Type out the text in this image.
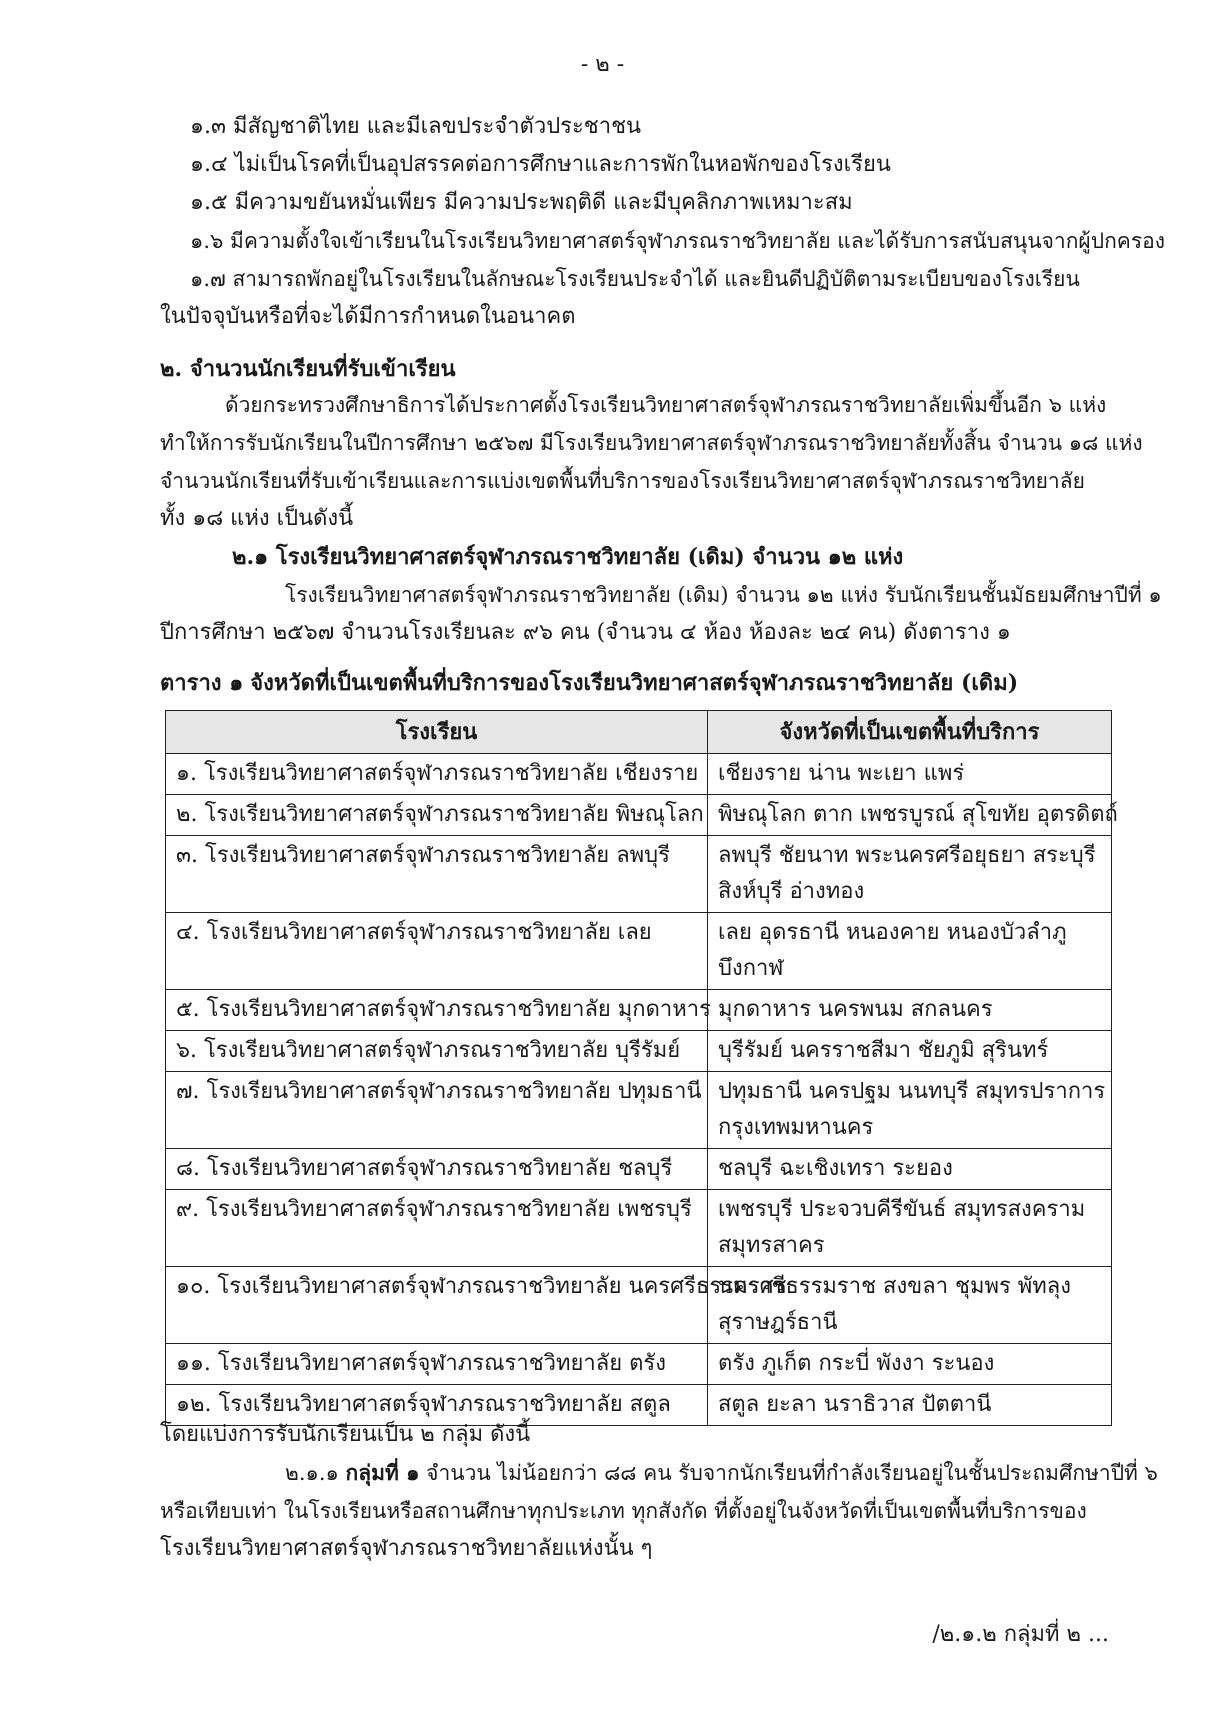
- ๒ -
๑.๓ มีสัญชาติไทย และมีเลขประจำตัวประชาชน
๑.๔ ไม่เป็นโรคที่เป็นอุปสรรคต่อการศึกษาและการพักในหอพักของโรงเรียน
๑.๕ มีความขยันหมั่นเพียร มีความประพฤติดี และมีบุคลิกภาพเหมาะสม
๑.๖ มีความตั้งใจเข้าเรียนในโรงเรียนวิทยาศาสตร์จุฬาภรณราชวิทยาลัย และได้รับการสนับสนุนจากผู้ปกครอง
๑.๗ สามารถพักอยู่ในโรงเรียนในลักษณะโรงเรียนประจำได้ และยินดีปฏิบัติตามระเบียบของโรงเรียน
ในปัจจุบันหรือที่จะได้มีการกำหนดในอนาคต
๒. จำนวนนักเรียนที่รับเข้าเรียน
ด้วยกระทรวงศึกษาธิการได้ประกาศตั้งโรงเรียนวิทยาศาสตร์จุฬาภรณราชวิทยาลัยเพิ่มขึ้นอีก ๖ แห่ง
ทำให้การรับนักเรียนในปีการศึกษา ๒๕๖๗ มีโรงเรียนวิทยาศาสตร์จุฬาภรณราชวิทยาลัยทั้งสิ้น จำนวน ๑๘ แห่ง
จำนวนนักเรียนที่รับเข้าเรียนและการแบ่งเขตพื้นที่บริการของโรงเรียนวิทยาศาสตร์จุฬาภรณราชวิทยาลัย
ทั้ง ๑๘ แห่ง เป็นดังนี้
๒.๑ โรงเรียนวิทยาศาสตร์จุฬาภรณราชวิทยาลัย (เดิม) จำนวน ๑๒ แห่ง
โรงเรียนวิทยาศาสตร์จุฬาภรณราชวิทยาลัย (เดิม) จำนวน ๑๒ แห่ง รับนักเรียนชั้นมัธยมศึกษาปีที่ ๑
ปีการศึกษา ๒๕๖๗ จำนวนโรงเรียนละ ๙๖ คน (จำนวน ๔ ห้อง ห้องละ ๒๔ คน) ดังตาราง ๑
ตาราง ๑ จังหวัดที่เป็นเขตพื้นที่บริการของโรงเรียนวิทยาศาสตร์จุฬาภรณราชวิทยาลัย (เดิม)
โรงเรียน	จังหวัดที่เป็นเขตพื้นที่บริการ
๑. โรงเรียนวิทยาศาสตร์จุฬาภรณราชวิทยาลัย เชียงราย	เชียงราย น่าน พะเยา แพร่

๒. โรงเรียนวิทยาศาสตร์จุฬาภรณราชวิทยาลัย พิษณุโลก	พิษณุโลก ตาก เพชรบูรณ์ สุโขทัย อุตรดิตถ์

๓. โรงเรียนวิทยาศาสตร์จุฬาภรณราชวิทยาลัย ลพบุรี	ลพบุรี ชัยนาท พระนครศรีอยุธยา สระบุรี
สิงห์บุรี อ่างทอง

๔. โรงเรียนวิทยาศาสตร์จุฬาภรณราชวิทยาลัย เลย	เลย อุดรธานี หนองคาย หนองบัวลำภู
บึงกาฬ

๕. โรงเรียนวิทยาศาสตร์จุฬาภรณราชวิทยาลัย มุกดาหาร	มุกดาหาร นครพนม สกลนคร

๖. โรงเรียนวิทยาศาสตร์จุฬาภรณราชวิทยาลัย บุรีรัมย์	บุรีรัมย์ นครราชสีมา ชัยภูมิ สุรินทร์

๗. โรงเรียนวิทยาศาสตร์จุฬาภรณราชวิทยาลัย ปทุมธานี	ปทุมธานี นครปฐม นนทบุรี สมุทรปราการ
กรุงเทพมหานคร

๘. โรงเรียนวิทยาศาสตร์จุฬาภรณราชวิทยาลัย ชลบุรี	ชลบุรี ฉะเชิงเทรา ระยอง

๙. โรงเรียนวิทยาศาสตร์จุฬาภรณราชวิทยาลัย เพชรบุรี	เพชรบุรี ประจวบคีรีขันธ์ สมุทรสงคราม
สมุทรสาคร

๑๐. โรงเรียนวิทยาศาสตร์จุฬาภรณราชวิทยาลัย นครศรีธรรมราช	นครศรีธรรมราช สงขลา ชุมพร พัทลุง
สุราษฎร์ธานี

๑๑. โรงเรียนวิทยาศาสตร์จุฬาภรณราชวิทยาลัย ตรัง	ตรัง ภูเก็ต กระบี่ พังงา ระนอง

๑๒. โรงเรียนวิทยาศาสตร์จุฬาภรณราชวิทยาลัย สตูล	สตูล ยะลา นราธิวาส ปัตตานี
โดยแบ่งการรับนักเรียนเป็น ๒ กลุ่ม ดังนี้
๒.๑.๑ กลุ่มที่ ๑ จำนวน ไม่น้อยกว่า ๘๘ คน รับจากนักเรียนที่กำลังเรียนอยู่ในชั้นประถมศึกษาปีที่ ๖
หรือเทียบเท่า ในโรงเรียนหรือสถานศึกษาทุกประเภท ทุกสังกัด ที่ตั้งอยู่ในจังหวัดที่เป็นเขตพื้นที่บริการของ
โรงเรียนวิทยาศาสตร์จุฬาภรณราชวิทยาลัยแห่งนั้น ๆ
/๒.๑.๒ กลุ่มที่ ๒ ...
